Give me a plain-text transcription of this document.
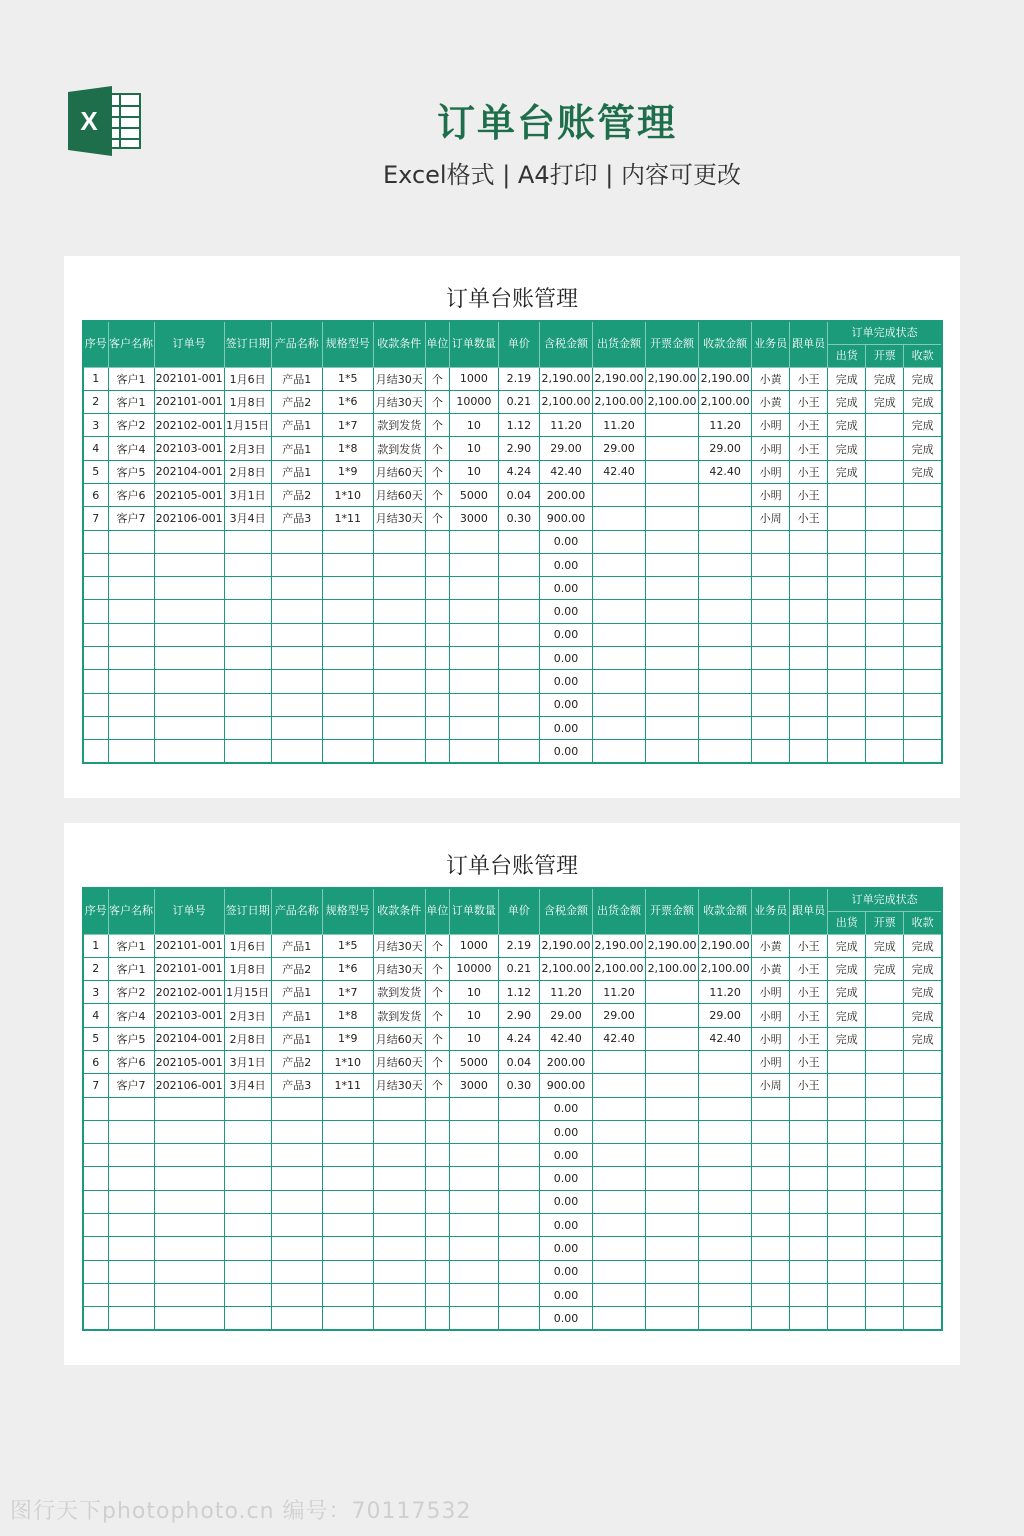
X	订单台账管理
Excel格式 | A4打印 | 内容可更改
订单台账管理
序号	客户名称	订单号	签订日期	产品名称	规格型号	收款条件	单位	订单数量	单价	含税金额	出货金额	开票金额	收款金额	业务员	跟单员	订单完成状态		
																出货	开票	收款
1	客户1	202101-001	1月6日	产品1	1*5	月结30天	个	1000	2.19	2,190.00	2,190.00	2,190.00	2,190.00	小黄	小王	完成	完成	完成
2	客户1	202101-001	1月8日	产品2	1*6	月结30天	个	10000	0.21	2,100.00	2,100.00	2,100.00	2,100.00	小黄	小王	完成	完成	完成
3	客户2	202102-001	1月15日	产品1	1*7	款到发货	个	10	1.12	11.20	11.20		11.20	小明	小王	完成		完成
4	客户4	202103-001	2月3日	产品1	1*8	款到发货	个	10	2.90	29.00	29.00		29.00	小明	小王	完成		完成
5	客户5	202104-001	2月8日	产品1	1*9	月结60天	个	10	4.24	42.40	42.40		42.40	小明	小王	完成		完成
6	客户6	202105-001	3月1日	产品2	1*10	月结60天	个	5000	0.04	200.00				小明	小王			
7	客户7	202106-001	3月4日	产品3	1*11	月结30天	个	3000	0.30	900.00				小周	小王			
										0.00								
										0.00								
										0.00								
										0.00								
										0.00								
										0.00								
										0.00								
										0.00								
										0.00								
										0.00								
订单台账管理
序号	客户名称	订单号	签订日期	产品名称	规格型号	收款条件	单位	订单数量	单价	含税金额	出货金额	开票金额	收款金额	业务员	跟单员	订单完成状态		
																出货	开票	收款
1	客户1	202101-001	1月6日	产品1	1*5	月结30天	个	1000	2.19	2,190.00	2,190.00	2,190.00	2,190.00	小黄	小王	完成	完成	完成
2	客户1	202101-001	1月8日	产品2	1*6	月结30天	个	10000	0.21	2,100.00	2,100.00	2,100.00	2,100.00	小黄	小王	完成	完成	完成
3	客户2	202102-001	1月15日	产品1	1*7	款到发货	个	10	1.12	11.20	11.20		11.20	小明	小王	完成		完成
4	客户4	202103-001	2月3日	产品1	1*8	款到发货	个	10	2.90	29.00	29.00		29.00	小明	小王	完成		完成
5	客户5	202104-001	2月8日	产品1	1*9	月结60天	个	10	4.24	42.40	42.40		42.40	小明	小王	完成		完成
6	客户6	202105-001	3月1日	产品2	1*10	月结60天	个	5000	0.04	200.00				小明	小王			
7	客户7	202106-001	3月4日	产品3	1*11	月结30天	个	3000	0.30	900.00				小周	小王			
										0.00								
										0.00								
										0.00								
										0.00								
										0.00								
										0.00								
										0.00								
										0.00								
										0.00								
										0.00								
图行天下photophoto.cn 编号：70117532
